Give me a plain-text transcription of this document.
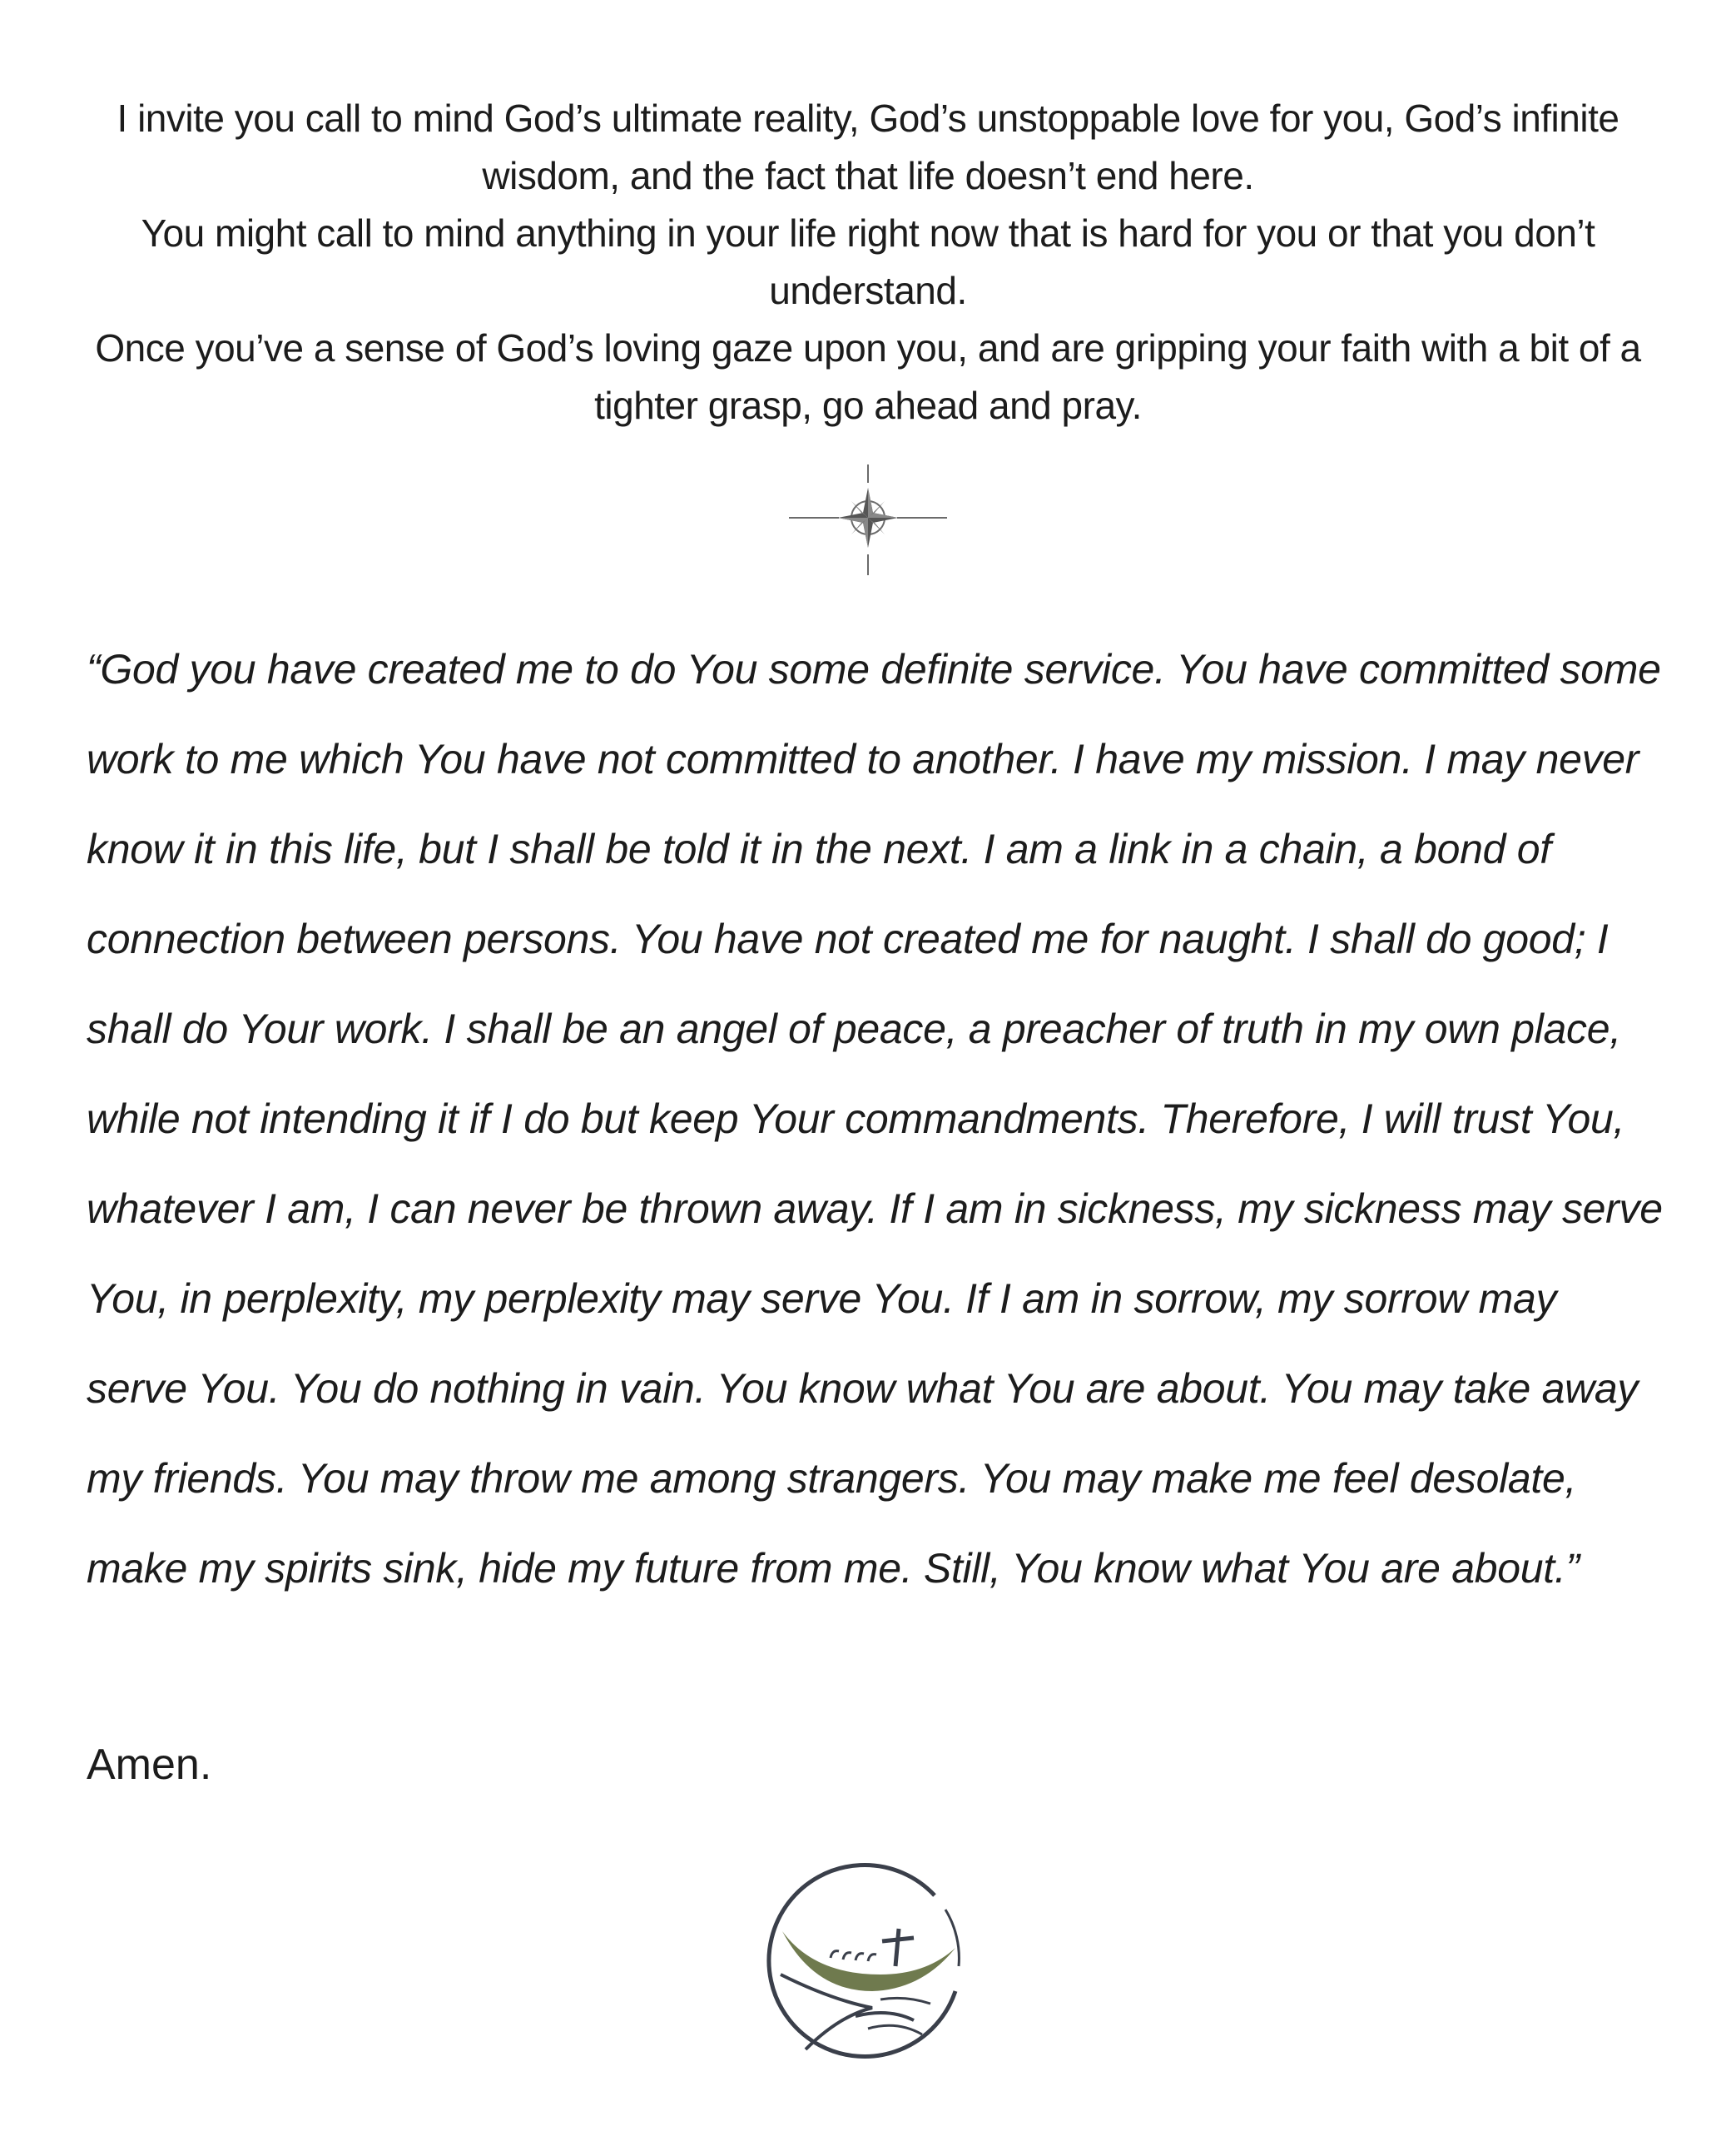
I invite you call to mind God’s ultimate reality, God’s unstoppable love for you, God’s infinite wisdom, and the fact that life doesn’t end here.

You might call to mind anything in your life right now that is hard for you or that you don’t understand.

Once you’ve a sense of God’s loving gaze upon you, and are gripping your faith with a bit of a tighter grasp, go ahead and pray.

“God you have created me to do You some definite service. You have committed some work to me which You have not committed to another. I have my mission. I may never know it in this life, but I shall be told it in the next. I am a link in a chain, a bond of connection between persons. You have not created me for naught. I shall do good; I shall do Your work. I shall be an angel of peace, a preacher of truth in my own place, while not intending it if I do but keep Your commandments. Therefore, I will trust You, whatever I am, I can never be thrown away. If I am in sickness, my sickness may serve You, in perplexity, my perplexity may serve You. If I am in sorrow, my sorrow may serve You. You do nothing in vain. You know what You are about. You may take away my friends. You may throw me among strangers. You may make me feel desolate, make my spirits sink, hide my future from me. Still, You know what You are about.”

Amen.
